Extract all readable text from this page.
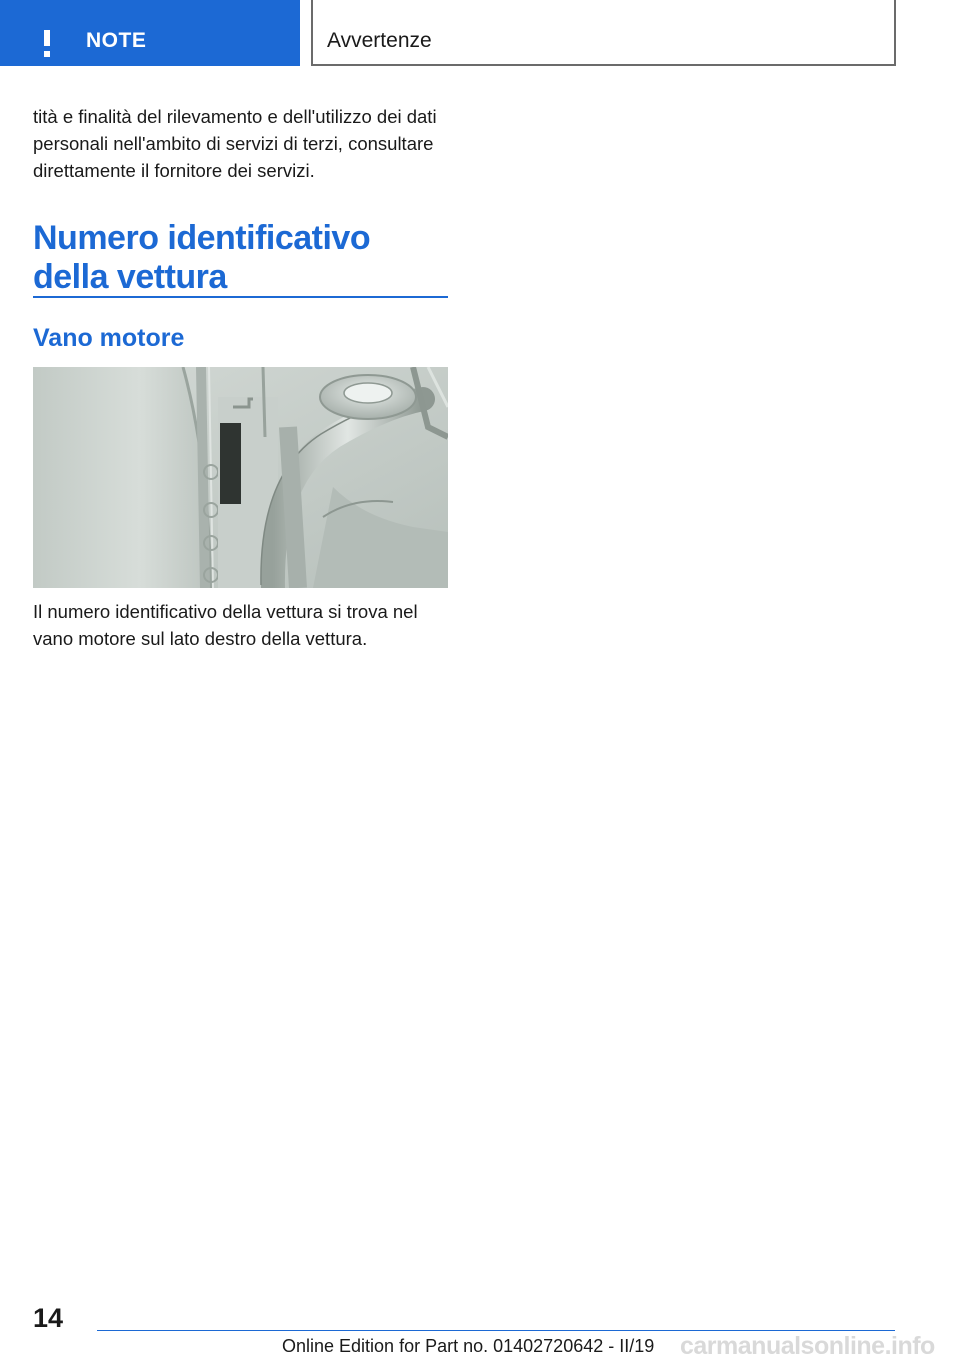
NOTE	Avvertenze

tità e finalità del rilevamento e dell'utilizzo dei dati personali nell'ambito di servizi di terzi, consultare direttamente il fornitore dei servizi.

Numero identificativo della vettura
Vano motore

Il numero identificativo della vettura si trova nel vano motore sul lato destro della vettura.

14
Online Edition for Part no. 01402720642 - II/19 carmanualsonline.info
